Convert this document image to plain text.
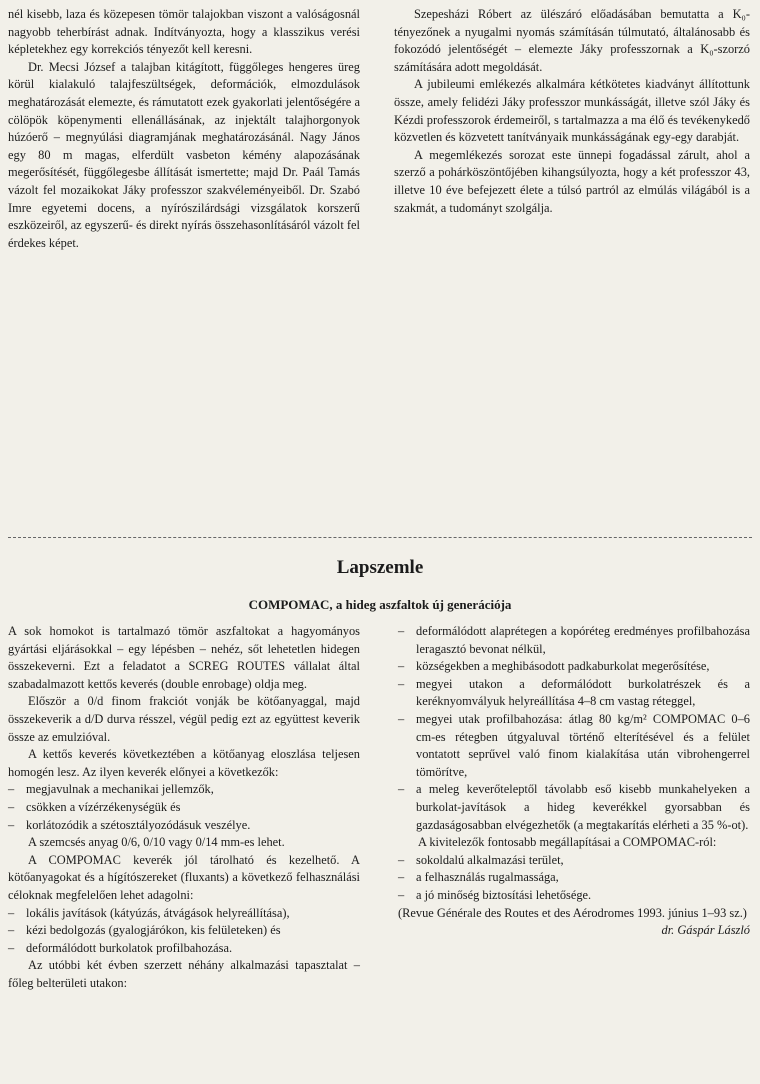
nél kisebb, laza és közepesen tömör talajokban viszont a valóságosnál nagyobb teherbírást adnak. Indítványozta, hogy a klasszikus verési képletekhez egy korrekciós tényezőt kell keresni.

Dr. Mecsi József a talajban kitágított, függőleges hengeres üreg körül kialakuló talajfeszültségek, deformációk, elmozdulások meghatározását elemezte, és rámutatott ezek gyakorlati jelentőségére a cölöpök köpenymenti ellenállásának, az injektált talajhorgonyok húzóerő – megnyúlási diagramjának meghatározásánál. Nagy János egy 80 m magas, elferdült vasbeton kémény alapozásának megerősítését, függőlegesbe állítását ismertette; majd Dr. Paál Tamás vázolt fel mozaikokat Jáky professzor szakvéleményeiből. Dr. Szabó Imre egyetemi docens, a nyírószilárdsági vizsgálatok korszerű eszközeiről, az egyszerű- és direkt nyírás összehasonlításáról vázolt fel érdekes képet.

Szepesházi Róbert az ülészáró előadásában bemutatta a K₀-tényezőnek a nyugalmi nyomás számításán túlmutató, általánosabb és fokozódó jelentőségét – elemezte Jáky professzornak a K₀-szorzó számítására adott megoldását.

A jubileumi emlékezés alkalmára kétkötetes kiadványt állítottunk össze, amely felidézi Jáky professzor munkásságát, illetve szól Jáky és Kézdi professzorok érdemeiről, s tartalmazza a ma élő és tevékenykedő közvetlen és közvetett tanítványaik munkásságának egy-egy darabját.

A megemlékezés sorozat este ünnepi fogadással zárult, ahol a szerző a pohárköszöntőjében kihangsúlyozta, hogy a két professzor 43, illetve 10 éve befejezett élete a túlsó partról az elmúlás világából is a szakmát, a tudományt szolgálja.

Lapszemle
COMPOMAC, a hideg aszfaltok új generációja

A sok homokot is tartalmazó tömör aszfaltokat a hagyományos gyártási eljárásokkal – egy lépésben – nehéz, sőt lehetetlen hidegen összekeverni. Ezt a feladatot a SCREG ROUTES vállalat által szabadalmazott kettős keverés (double enrobage) oldja meg.

Először a 0/d finom frakciót vonják be kötőanyaggal, majd összekeverik a d/D durva résszel, végül pedig ezt az együttest keverik össze az emulzióval.

A kettős keverés következtében a kötőanyag eloszlása teljesen homogén lesz. Az ilyen keverék előnyei a következők:

– megjavulnak a mechanikai jellemzők,
– csökken a vízérzékenységük és
– korlátozódik a szétosztályozódásuk veszélye.

A szemcsés anyag 0/6, 0/10 vagy 0/14 mm-es lehet.

A COMPOMAC keverék jól tárolható és kezelhető. A kötőanyagokat és a hígítószereket (fluxants) a következő felhasználási céloknak megfelelően lehet adagolni:

– lokális javítások (kátyúzás, átvágások helyreállítása),
– kézi bedolgozás (gyalogjárókon, kis felületeken) és
– deformálódott burkolatok profilbahozása.

Az utóbbi két évben szerzett néhány alkalmazási tapasztalat – főleg belterületi utakon:

– deformálódott alaprétegen a kopóréteg eredményes profilbahozása leragasztó bevonat nélkül,
– községekben a meghibásodott padkaburkolat megerősítése,
– megyei utakon a deformálódott burkolatrészek és a keréknyomvályuk helyreállítása 4–8 cm vastag réteggel,
– megyei utak profilbahozása: átlag 80 kg/m² COMPOMAC 0–6 cm-es rétegben útgyaluval történő elterítésével és a felület vontatott seprűvel való finom kialakítása után vibrohengerrel tömörítve,
– a meleg keverőteleptől távolabb eső kisebb munkahelyeken a burkolat-javítások a hideg keverékkel gyorsabban és gazdaságosabban elvégezhetők (a megtakarítás elérheti a 35 %-ot).

A kivitelezők fontosabb megállapításai a COMPOMAC-ról:

– sokoldalú alkalmazási terület,
– a felhasználás rugalmassága,
– a jó minőség biztosítási lehetősége.

(Revue Générale des Routes et des Aérodromes 1993. június 1–93 sz.)

dr. Gáspár László
